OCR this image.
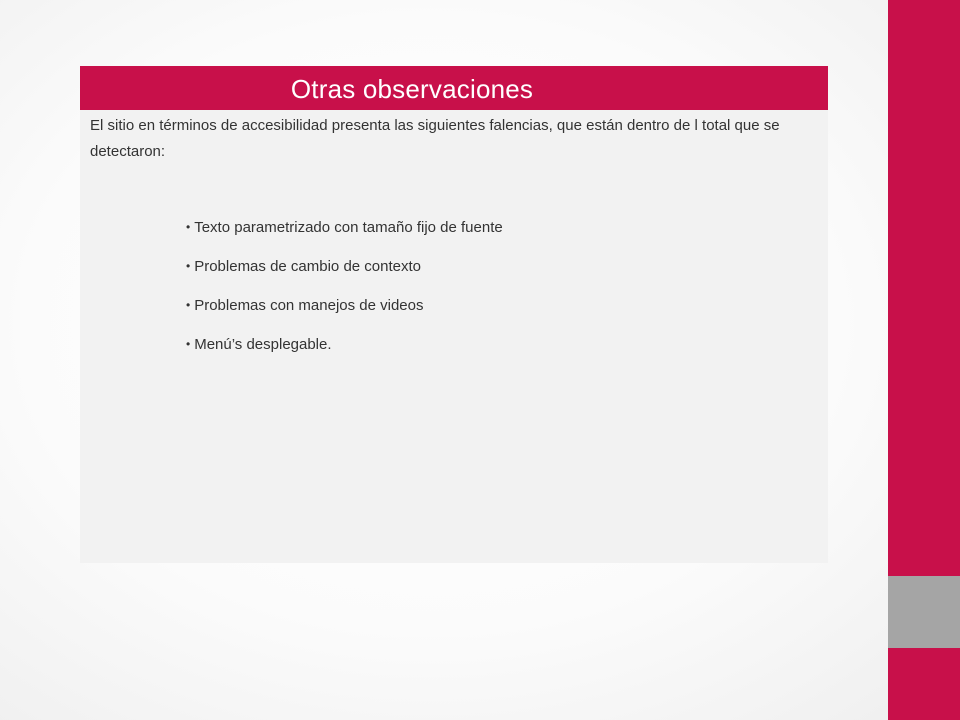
Otras observaciones

El sitio en términos de accesibilidad presenta las siguientes falencias, que están dentro de l total que se detectaron:

• Texto parametrizado con tamaño fijo de fuente
• Problemas de cambio de contexto
• Problemas con manejos de videos
• Menú’s desplegable.
